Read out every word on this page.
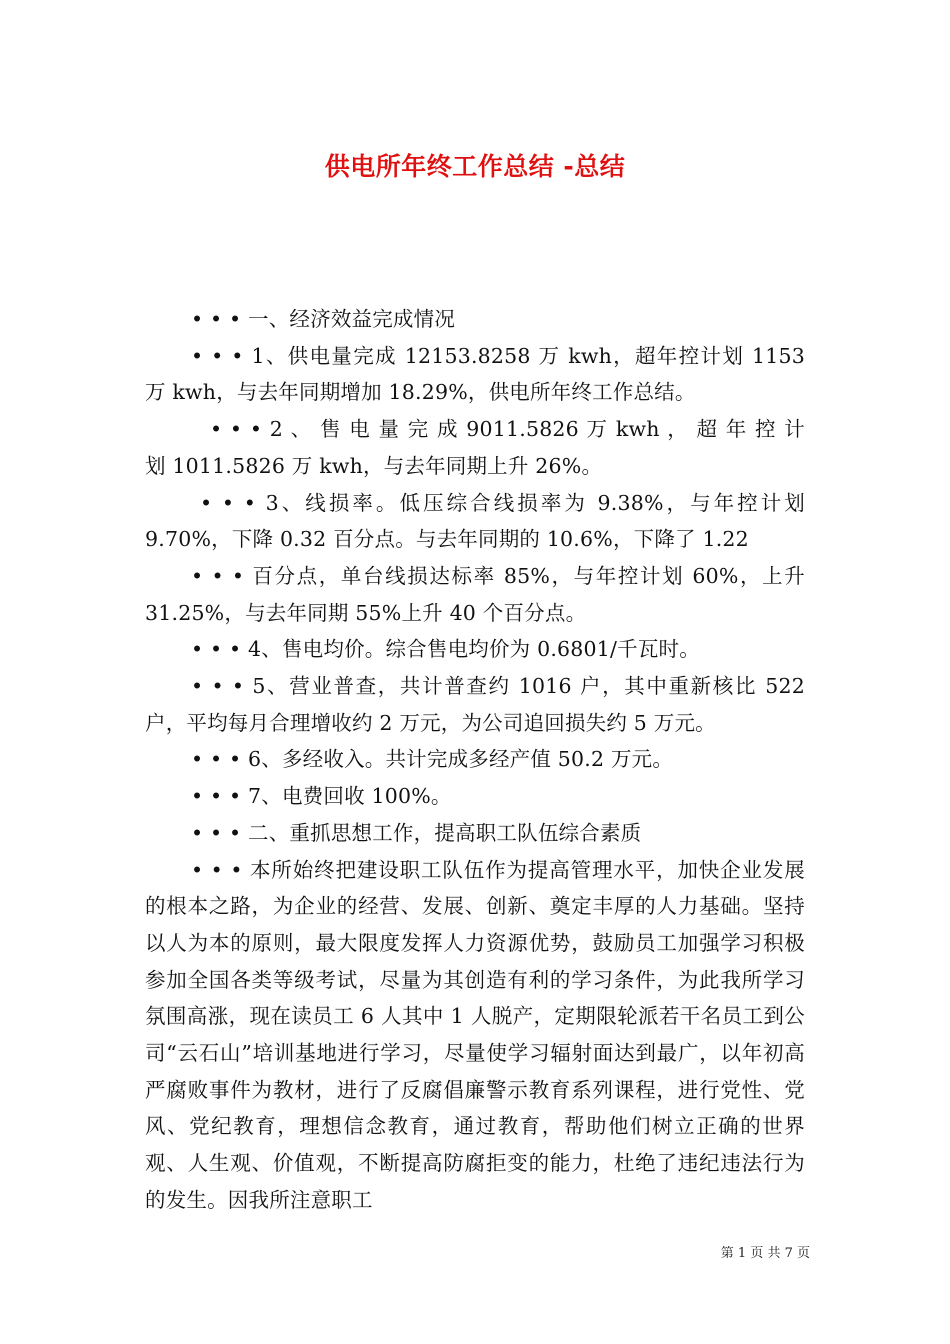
供电所年终工作总结 -总结

• • • 一、经济效益完成情况

• • • 1、供电量完成 12153.8258 万 kwh，超年控计划 1153 万 kwh，与去年同期增加 18.29%，供电所年终工作总结。

• • • 2 、 售 电 量 完 成 9011.5826 万 kwh ， 超 年 控 计 划 1011.5826 万 kwh，与去年同期上升 26%。

• • • 3、线损率。低压综合线损率为 9.38%，与年控计划 9.70%，下降 0.32 百分点。与去年同期的 10.6%，下降了 1.22

• • • 百分点，单台线损达标率 85%，与年控计划 60%，上升 31.25%，与去年同期 55%上升 40 个百分点。

• • • 4、售电均价。综合售电均价为 0.6801/千瓦时。

• • • 5、营业普查，共计普查约 1016 户，其中重新核比 522 户，平均每月合理增收约 2 万元，为公司追回损失约 5 万元。

• • • 6、多经收入。共计完成多经产值 50.2 万元。

• • • 7、电费回收 100%。

• • • 二、重抓思想工作，提高职工队伍综合素质

• • • 本所始终把建设职工队伍作为提高管理水平，加快企业发展的根本之路，为企业的经营、发展、创新、奠定丰厚的人力基础。坚持以人为本的原则，最大限度发挥人力资源优势，鼓励员工加强学习积极参加全国各类等级考试，尽量为其创造有利的学习条件，为此我所学习氛围高涨，现在读员工 6 人其中 1 人脱产，定期限轮派若干名员工到公司“云石山”培训基地进行学习，尽量使学习辐射面达到最广，以年初高严腐败事件为教材，进行了反腐倡廉警示教育系列课程，进行党性、党风、党纪教育，理想信念教育，通过教育，帮助他们树立正确的世界观、人生观、价值观，不断提高防腐拒变的能力，杜绝了违纪违法行为的发生。因我所注意职工

第 1 页 共 7 页
